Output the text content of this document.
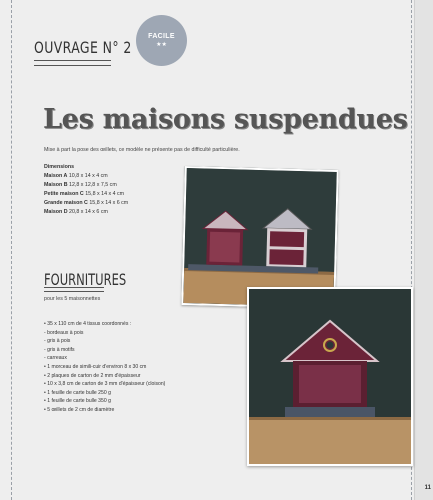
OUVRAGE N° 2
FACILE
★★
Les maisons suspendues
Mise à part la pose des œillets, ce modèle ne présente pas de difficulté particulière.
Dimensions
Maison A 10,8 x 14 x 4 cm
Maison B 12,8 x 12,8 x 7,5 cm
Petite maison C 15,8 x 14 x 4 cm
Grande maison C 15,8 x 14 x 6 cm
Maison D 20,8 x 14 x 6 cm
FOURNITURES
pour les 5 maisonnettes
• 35 x 110 cm de 4 tissus coordonnés :
- bordeaux à pois
- gris à pois
- gris à motifs
- carreaux
• 1 morceau de simili-cuir d'environ 8 x 30 cm
• 2 plaques de carton de 2 mm d'épaisseur
• 10 x 3,8 cm de carton de 3 mm d'épaisseur (cloison)
• 1 feuille de carte bulle 250 g
• 1 feuille de carte bulle 350 g
• 5 œillets de 2 cm de diamètre
11
